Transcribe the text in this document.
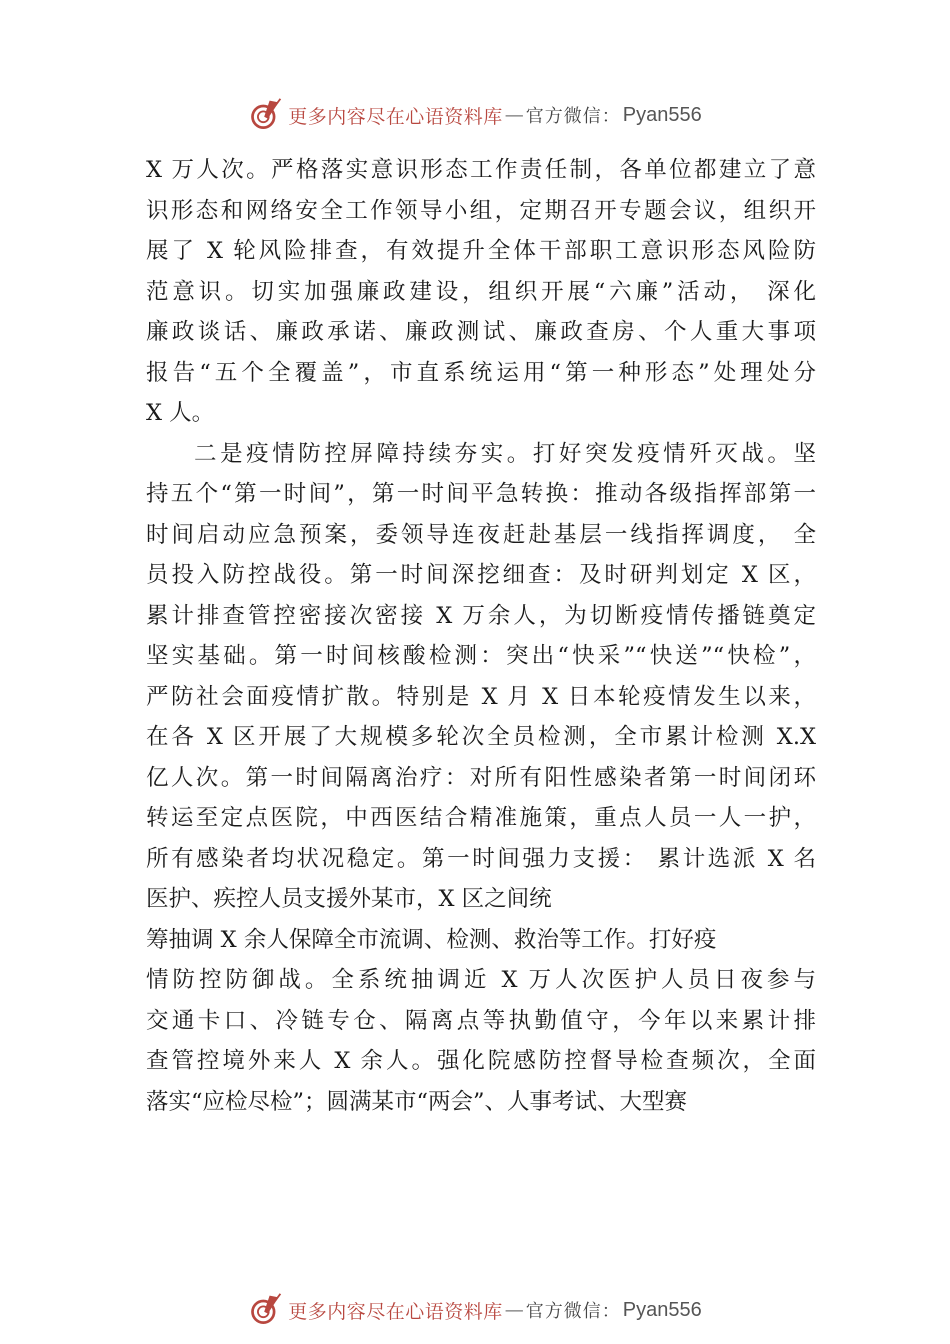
更多内容尽在心语资料库 — 官方微信： Pyan556
X 万人次。严格落实意识形态工作责任制，各单位都建立了意
识形态和网络安全工作领导小组，定期召开专题会议，组织开
展了 X 轮风险排查，有效提升全体干部职工意识形态风险防
范意识。切实加强廉政建设，组织开展“六廉”活动， 深化
廉政谈话、廉政承诺、廉政测试、廉政查房、个人重大事项
报告“五个全覆盖”，市直系统运用“第一种形态”处理处分
X 人。
二是疫情防控屏障持续夯实。打好突发疫情歼灭战。坚
持五个“第一时间”，第一时间平急转换：推动各级指挥部第一
时间启动应急预案，委领导连夜赶赴基层一线指挥调度， 全
员投入防控战役。第一时间深挖细查：及时研判划定 X 区，
累计排查管控密接次密接 X 万余人，为切断疫情传播链奠定
坚实基础。第一时间核酸检测：突出“快采”“快送”“快检”，
严防社会面疫情扩散。特别是 X 月 X 日本轮疫情发生以来，
在各 X 区开展了大规模多轮次全员检测，全市累计检测 X.X
亿人次。第一时间隔离治疗：对所有阳性感染者第一时间闭环
转运至定点医院，中西医结合精准施策，重点人员一人一护，
所有感染者均状况稳定。第一时间强力支援： 累计选派 X 名
医护、疾控人员支援外某市，X 区之间统
筹抽调 X 余人保障全市流调、检测、救治等工作。打好疫
情防控防御战。全系统抽调近 X 万人次医护人员日夜参与
交通卡口、冷链专仓、隔离点等执勤值守，今年以来累计排
查管控境外来人 X 余人。强化院感防控督导检查频次，全面
落实“应检尽检”；圆满某市“两会”、人事考试、大型赛
更多内容尽在心语资料库 — 官方微信： Pyan556
